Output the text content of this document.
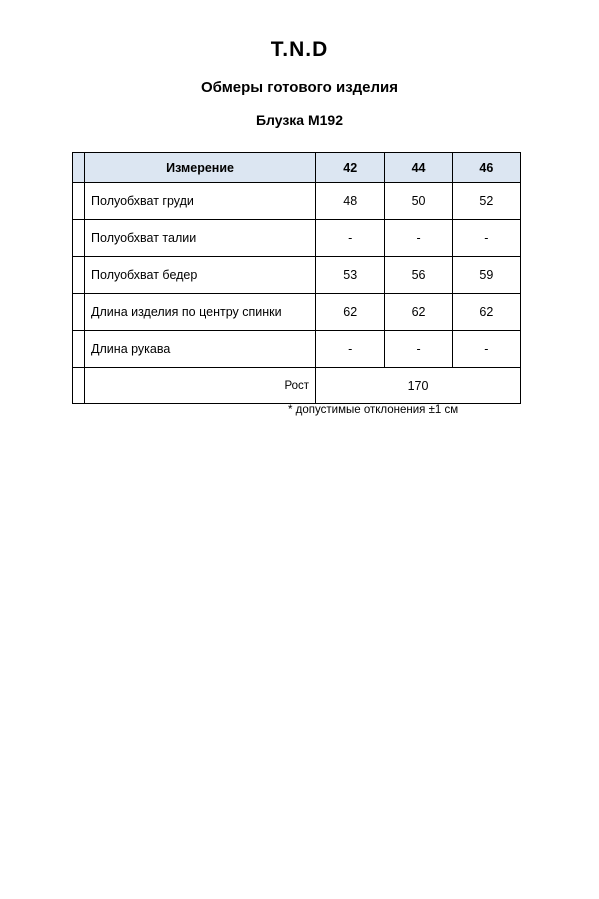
T.N.D
Обмеры готового изделия
Блузка М192
	Измерение	42	44	46
	Полуобхват груди	48	50	52
	Полуобхват талии	-	-	-
	Полуобхват бедер	53	56	59
	Длина изделия по центру спинки	62	62	62
	Длина рукава	-	-	-
	Рост	170		
* допустимые отклонения ±1 см
